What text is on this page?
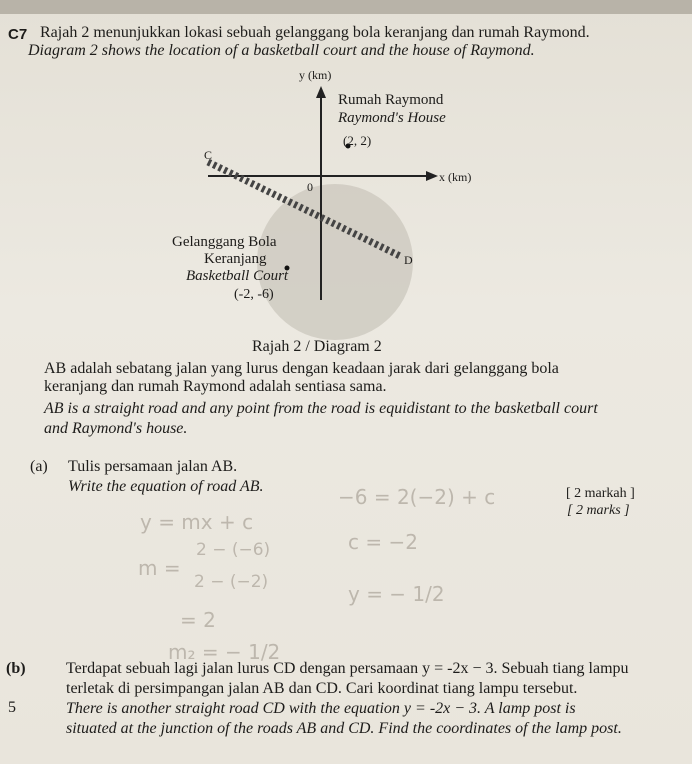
C7 Rajah 2 menunjukkan lokasi sebuah gelanggang bola keranjang dan rumah Raymond.
Diagram 2 shows the location of a basketball court and the house of Raymond.
y (km)
x (km)
0
Rumah Raymond
Raymond's House
(2, 2)
C
D
Gelanggang Bola
Keranjang
Basketball Court
(-2, -6)
Rajah 2 / Diagram 2
AB adalah sebatang jalan yang lurus dengan keadaan jarak dari gelanggang bola
keranjang dan rumah Raymond adalah sentiasa sama.
AB is a straight road and any point from the road is equidistant to the basketball court
and Raymond's house.
y = mx + c
m =
2 − (−6)
2 − (−2)
= 2
m₂ = − 1/2
−6 = 2(−2) + c
c = −2
y = − 1/2
(a) Tulis persamaan jalan AB.
Write the equation of road AB.	[ 2 markah ]
[ 2 marks ]
(b)	Terdapat sebuah lagi jalan lurus CD dengan persamaan y = -2x − 3. Sebuah tiang lampu
terletak di persimpangan jalan AB dan CD. Cari koordinat tiang lampu tersebut.
5	There is another straight road CD with the equation y = -2x − 3. A lamp post is
situated at the junction of the roads AB and CD. Find the coordinates of the lamp post.
